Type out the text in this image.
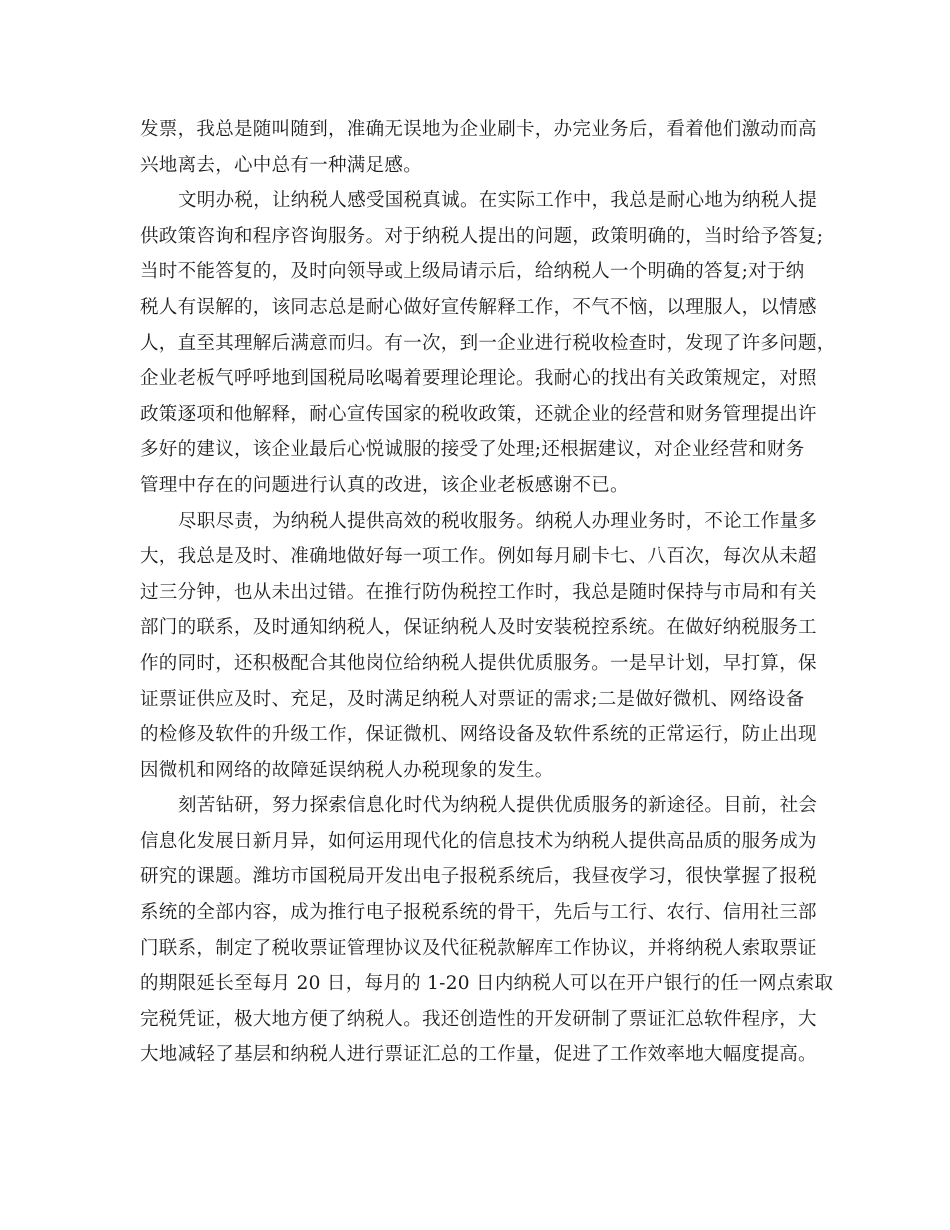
发票，我总是随叫随到，准确无误地为企业刷卡，办完业务后，看着他们激动而高
兴地离去，心中总有一种满足感。
文明办税，让纳税人感受国税真诚。在实际工作中，我总是耐心地为纳税人提
供政策咨询和程序咨询服务。对于纳税人提出的问题，政策明确的，当时给予答复;
当时不能答复的，及时向领导或上级局请示后，给纳税人一个明确的答复;对于纳
税人有误解的，该同志总是耐心做好宣传解释工作，不气不恼，以理服人，以情感
人，直至其理解后满意而归。有一次，到一企业进行税收检查时，发现了许多问题，
企业老板气呼呼地到国税局吆喝着要理论理论。我耐心的找出有关政策规定，对照
政策逐项和他解释，耐心宣传国家的税收政策，还就企业的经营和财务管理提出许
多好的建议，该企业最后心悦诚服的接受了处理;还根据建议，对企业经营和财务
管理中存在的问题进行认真的改进，该企业老板感谢不已。
尽职尽责，为纳税人提供高效的税收服务。纳税人办理业务时，不论工作量多
大，我总是及时、准确地做好每一项工作。例如每月刷卡七、八百次，每次从未超
过三分钟，也从未出过错。在推行防伪税控工作时，我总是随时保持与市局和有关
部门的联系，及时通知纳税人，保证纳税人及时安装税控系统。在做好纳税服务工
作的同时，还积极配合其他岗位给纳税人提供优质服务。一是早计划，早打算，保
证票证供应及时、充足，及时满足纳税人对票证的需求;二是做好微机、网络设备
的检修及软件的升级工作，保证微机、网络设备及软件系统的正常运行，防止出现
因微机和网络的故障延误纳税人办税现象的发生。
刻苦钻研，努力探索信息化时代为纳税人提供优质服务的新途径。目前，社会
信息化发展日新月异，如何运用现代化的信息技术为纳税人提供高品质的服务成为
研究的课题。潍坊市国税局开发出电子报税系统后，我昼夜学习，很快掌握了报税
系统的全部内容，成为推行电子报税系统的骨干，先后与工行、农行、信用社三部
门联系，制定了税收票证管理协议及代征税款解库工作协议，并将纳税人索取票证
的期限延长至每月 20 日，每月的 1-20 日内纳税人可以在开户银行的任一网点索取
完税凭证，极大地方便了纳税人。我还创造性的开发研制了票证汇总软件程序，大
大地减轻了基层和纳税人进行票证汇总的工作量，促进了工作效率地大幅度提高。
